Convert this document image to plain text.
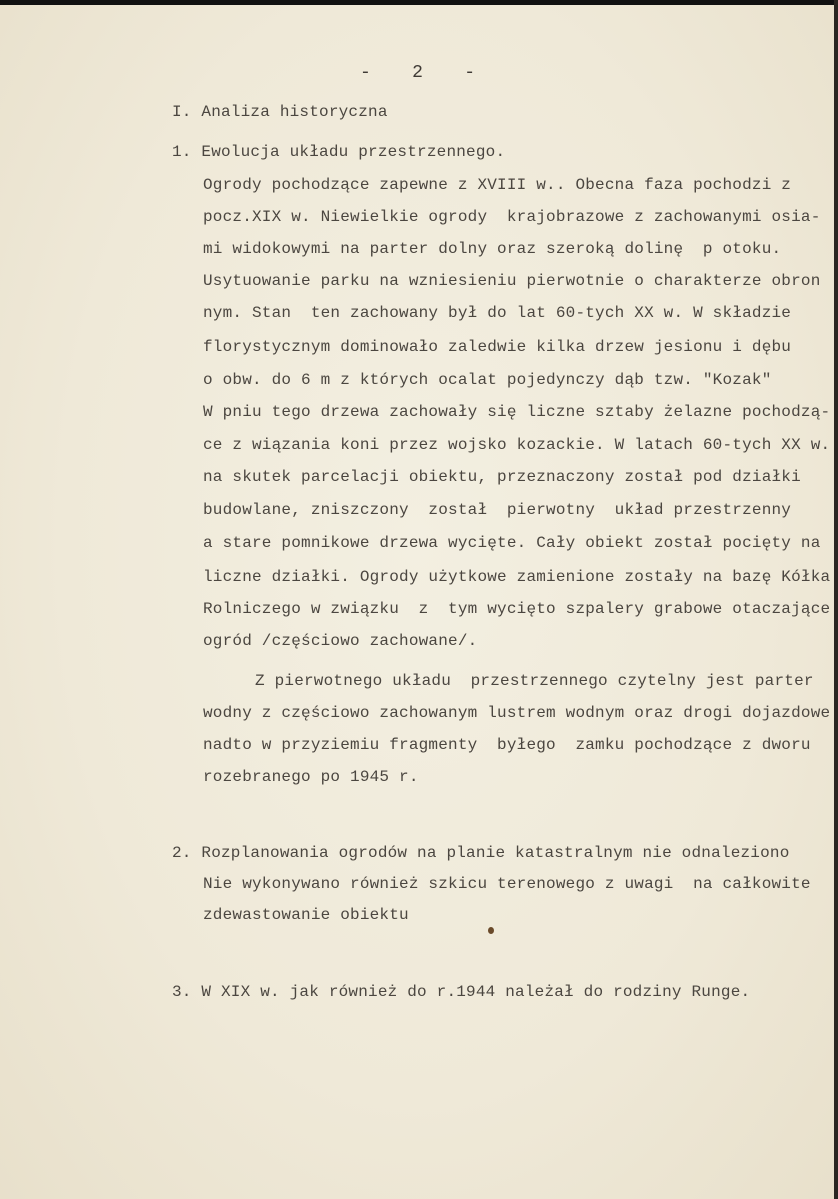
- 2 -
I. Analiza historyczna
1. Ewolucja układu przestrzennego.
Ogrody pochodzące zapewne z XVIII w.. Obecna faza pochodzi z
pocz.XIX w. Niewielkie ogrody  krajobrazowe z zachowanymi osia-
mi widokowymi na parter dolny oraz szeroką dolinę  p otoku.
Usytuowanie parku na wzniesieniu pierwotnie o charakterze obron
nym. Stan  ten zachowany był do lat 60-tych XX w. W składzie
florystycznym dominowało zaledwie kilka drzew jesionu i dębu
o obw. do 6 m z których ocalat pojedynczy dąb tzw. "Kozak"
W pniu tego drzewa zachowały się liczne sztaby żelazne pochodzą-
ce z wiązania koni przez wojsko kozackie. W latach 60-tych XX w.
na skutek parcelacji obiektu, przeznaczony został pod działki
budowlane, zniszczony  został  pierwotny  układ przestrzenny
a stare pomnikowe drzewa wycięte. Cały obiekt został pocięty na
liczne działki. Ogrody użytkowe zamienione zostały na bazę Kółka
Rolniczego w związku  z  tym wycięto szpalery grabowe otaczające
ogród /częściowo zachowane/.
Z pierwotnego układu  przestrzennego czytelny jest parter
wodny z częściowo zachowanym lustrem wodnym oraz drogi dojazdowe
nadto w przyziemiu fragmenty  byłego  zamku pochodzące z dworu
rozebranego po 1945 r.
2. Rozplanowania ogrodów na planie katastralnym nie odnaleziono
Nie wykonywano również szkicu terenowego z uwagi  na całkowite
zdewastowanie obiektu
3. W XIX w. jak również do r.1944 należał do rodziny Runge.
